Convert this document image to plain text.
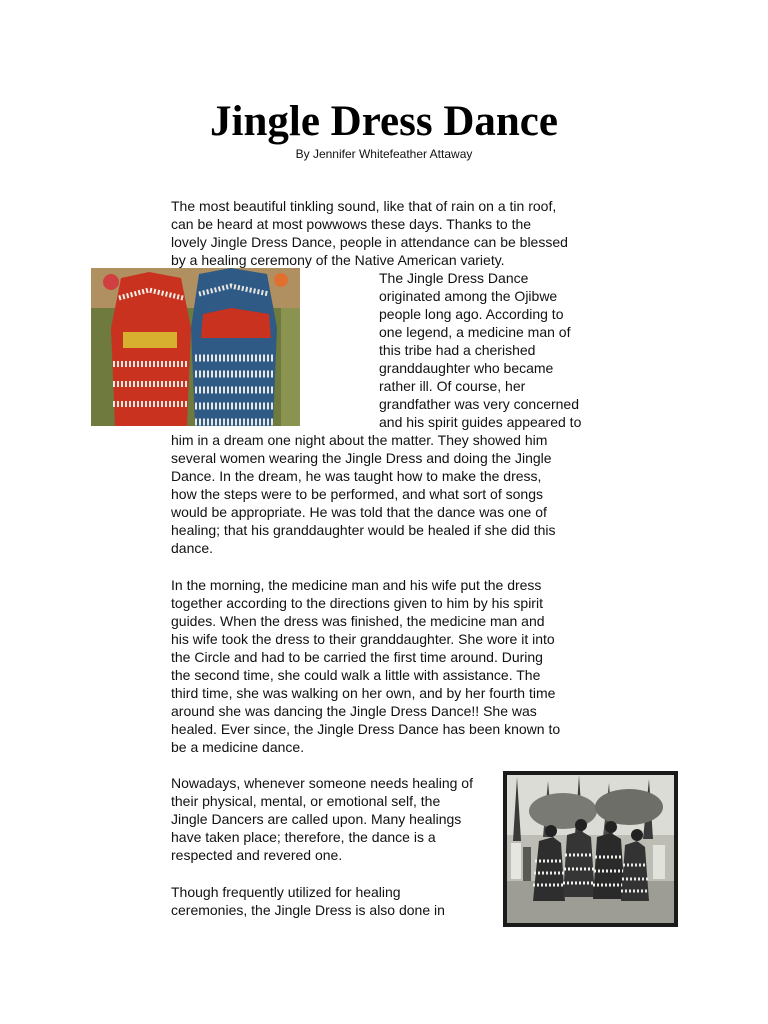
Jingle Dress Dance
By Jennifer Whitefeather Attaway
The most beautiful tinkling sound, like that of rain on a tin roof,
can be heard at most powwows these days. Thanks to the
lovely Jingle Dress Dance, people in attendance can be blessed
by a healing ceremony of the Native American variety.
The Jingle Dress Dance
originated among the Ojibwe
people long ago. According to
one legend, a medicine man of
this tribe had a cherished
granddaughter who became
rather ill. Of course, her
grandfather was very concerned
and his spirit guides appeared to
him in a dream one night about the matter. They showed him
several women wearing the Jingle Dress and doing the Jingle
Dance. In the dream, he was taught how to make the dress,
how the steps were to be performed, and what sort of songs
would be appropriate. He was told that the dance was one of
healing; that his granddaughter would be healed if she did this
dance.
In the morning, the medicine man and his wife put the dress
together according to the directions given to him by his spirit
guides. When the dress was finished, the medicine man and
his wife took the dress to their granddaughter. She wore it into
the Circle and had to be carried the first time around. During
the second time, she could walk a little with assistance. The
third time, she was walking on her own, and by her fourth time
around she was dancing the Jingle Dress Dance!! She was
healed. Ever since, the Jingle Dress Dance has been known to
be a medicine dance.
Nowadays, whenever someone needs healing of
their physical, mental, or emotional self, the
Jingle Dancers are called upon. Many healings
have taken place; therefore, the dance is a
respected and revered one.
Though frequently utilized for healing
ceremonies, the Jingle Dress is also done in
